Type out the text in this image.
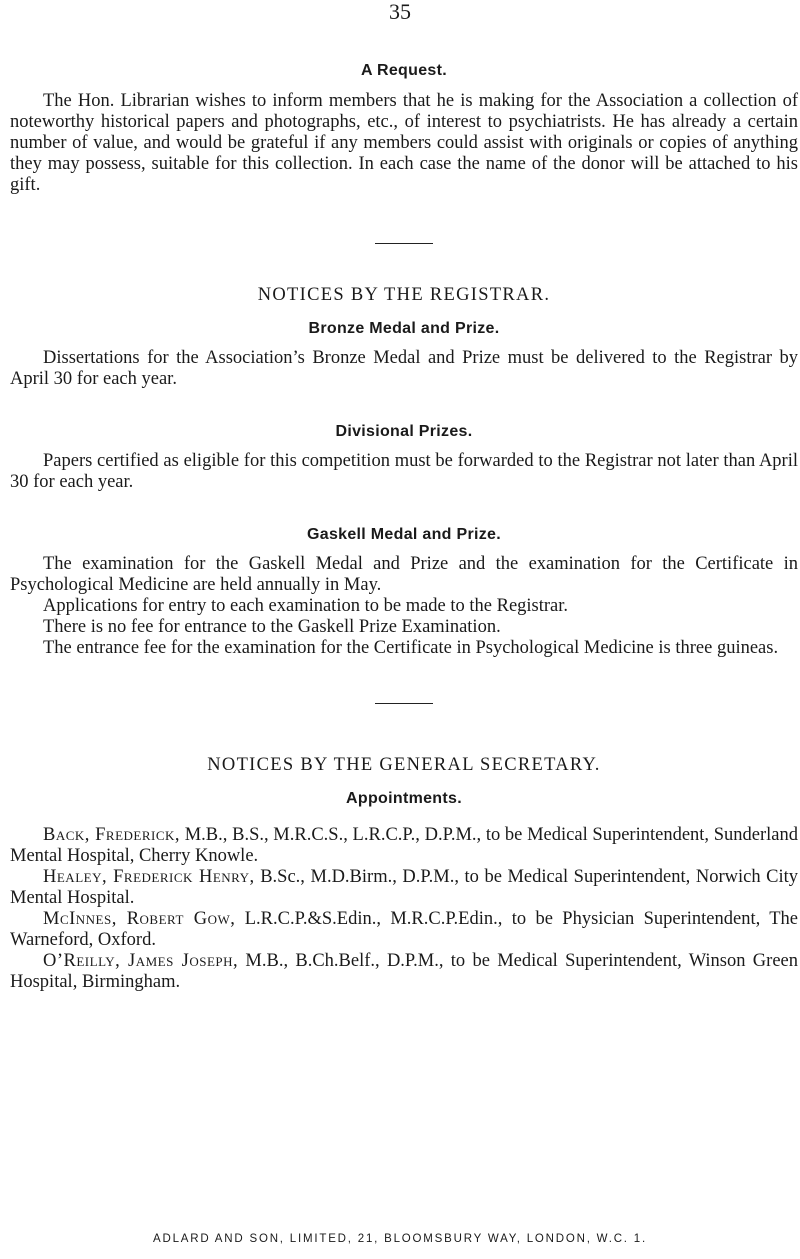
35
A Request.

The Hon. Librarian wishes to inform members that he is making for the Association a collection of noteworthy historical papers and photographs, etc., of interest to psychiatrists. He has already a certain number of value, and would be grateful if any members could assist with originals or copies of anything they may possess, suitable for this collection. In each case the name of the donor will be attached to his gift.

NOTICES BY THE REGISTRAR.
Bronze Medal and Prize.

Dissertations for the Association’s Bronze Medal and Prize must be delivered to the Registrar by April 30 for each year.

Divisional Prizes.

Papers certified as eligible for this competition must be forwarded to the Registrar not later than April 30 for each year.

Gaskell Medal and Prize.

The examination for the Gaskell Medal and Prize and the examination for the Certificate in Psychological Medicine are held annually in May.

Applications for entry to each examination to be made to the Registrar.

There is no fee for entrance to the Gaskell Prize Examination.

The entrance fee for the examination for the Certificate in Psychological Medicine is three guineas.

NOTICES BY THE GENERAL SECRETARY.
Appointments.

Back, Frederick, M.B., B.S., M.R.C.S., L.R.C.P., D.P.M., to be Medical Superintendent, Sunderland Mental Hospital, Cherry Knowle.

Healey, Frederick Henry, B.Sc., M.D.Birm., D.P.M., to be Medical Superintendent, Norwich City Mental Hospital.

McInnes, Robert Gow, L.R.C.P.&S.Edin., M.R.C.P.Edin., to be Physician Superintendent, The Warneford, Oxford.

O’Reilly, James Joseph, M.B., B.Ch.Belf., D.P.M., to be Medical Superintendent, Winson Green Hospital, Birmingham.

ADLARD AND SON, LIMITED, 21, BLOOMSBURY WAY, LONDON, W.C. 1.
